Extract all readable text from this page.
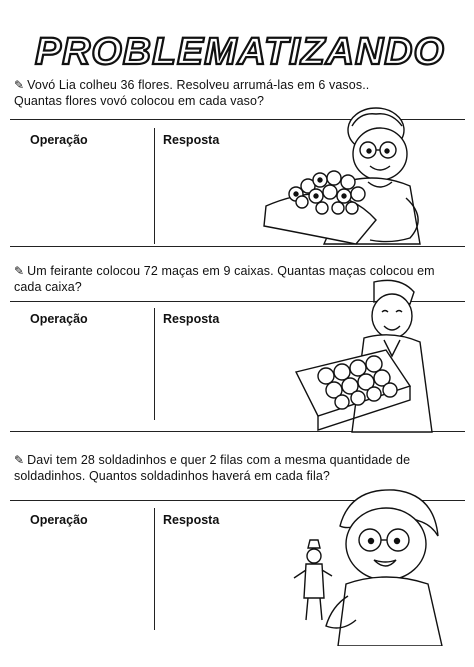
PROBLEMATIZANDO
✎ Vovó Lia colheu 36 flores. Resolveu arrumá-las em 6 vasos..
Quantas flores vovó colocou em cada vaso?
Operação	Resposta
✎ Um feirante colocou 72 maças em 9 caixas. Quantas maças colocou em
cada caixa?
Operação	Resposta
✎ Davi tem 28 soldadinhos e quer 2 filas com a mesma quantidade de
soldadinhos. Quantos soldadinhos haverá em cada fila?
Operação	Resposta
